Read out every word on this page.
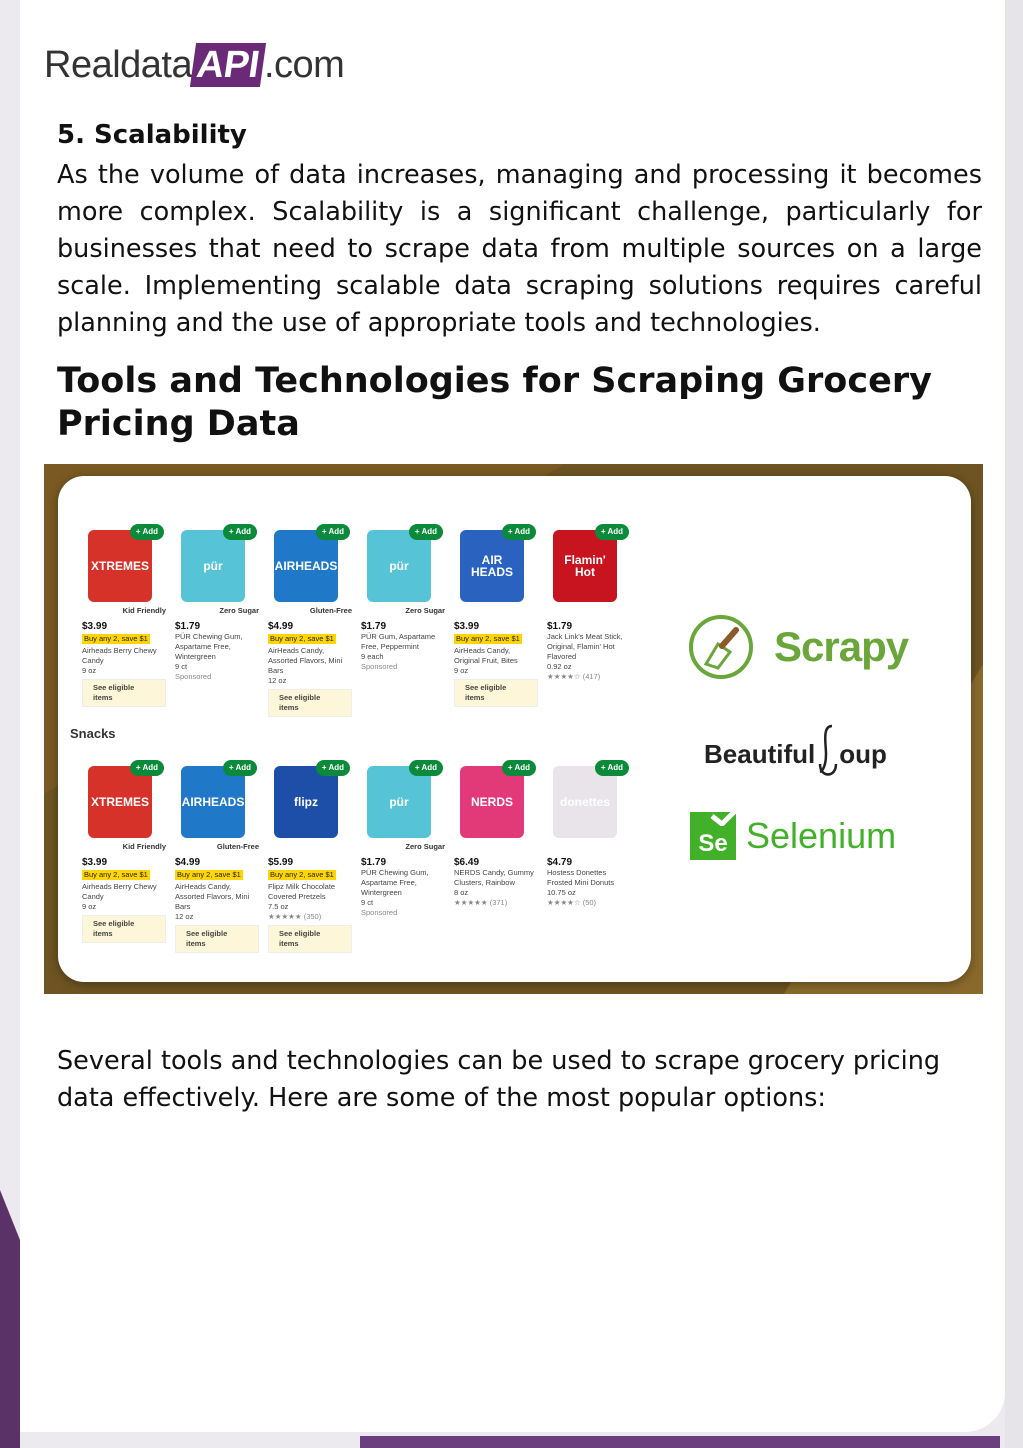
Realdata API .com
5. Scalability
As the volume of data increases, managing and processing it becomes more complex. Scalability is a significant challenge, particularly for businesses that need to scrape data from multiple sources on a large scale. Implementing scalable data scraping solutions requires careful planning and the use of appropriate tools and technologies.
Tools and Technologies for Scraping Grocery Pricing Data
XTREMES
+ Add
Kid Friendly
$3.99
Buy any 2, save $1
Airheads Berry Chewy Candy
9 oz
See eligible items
pür
+ Add
Zero Sugar
$1.79
PÜR Chewing Gum, Aspartame Free, Wintergreen
9 ct
Sponsored
AIRHEADS
+ Add
Gluten-Free
$4.99
Buy any 2, save $1
AirHeads Candy, Assorted Flavors, Mini Bars
12 oz
See eligible items
pür
+ Add
Zero Sugar
$1.79
PÜR Gum, Aspartame Free, Peppermint
9 each
Sponsored
AIR HEADS
+ Add
$3.99
Buy any 2, save $1
AirHeads Candy, Original Fruit, Bites
9 oz
See eligible items
Flamin' Hot
+ Add
$1.79
Jack Link's Meat Stick, Original, Flamin' Hot Flavored
0.92 oz
★★★★☆ (417)
Snacks
XTREMES
+ Add
Kid Friendly
$3.99
Buy any 2, save $1
Airheads Berry Chewy Candy
9 oz
See eligible items
AIRHEADS
+ Add
Gluten-Free
$4.99
Buy any 2, save $1
AirHeads Candy, Assorted Flavors, Mini Bars
12 oz
See eligible items
flipz
+ Add
$5.99
Buy any 2, save $1
Flipz Milk Chocolate Covered Pretzels
7.5 oz
★★★★★ (350)
See eligible items
pür
+ Add
Zero Sugar
$1.79
PÜR Chewing Gum, Aspartame Free, Wintergreen
9 ct
Sponsored
NERDS
+ Add
$6.49
NERDS Candy, Gummy Clusters, Rainbow
8 oz
★★★★★ (371)
donettes
+ Add
$4.79
Hostess Donettes Frosted Mini Donuts
10.75 oz
★★★★☆ (50)
Scrapy
Beautiful oup
Se Selenium
Several tools and technologies can be used to scrape grocery pricing data effectively. Here are some of the most popular options:
